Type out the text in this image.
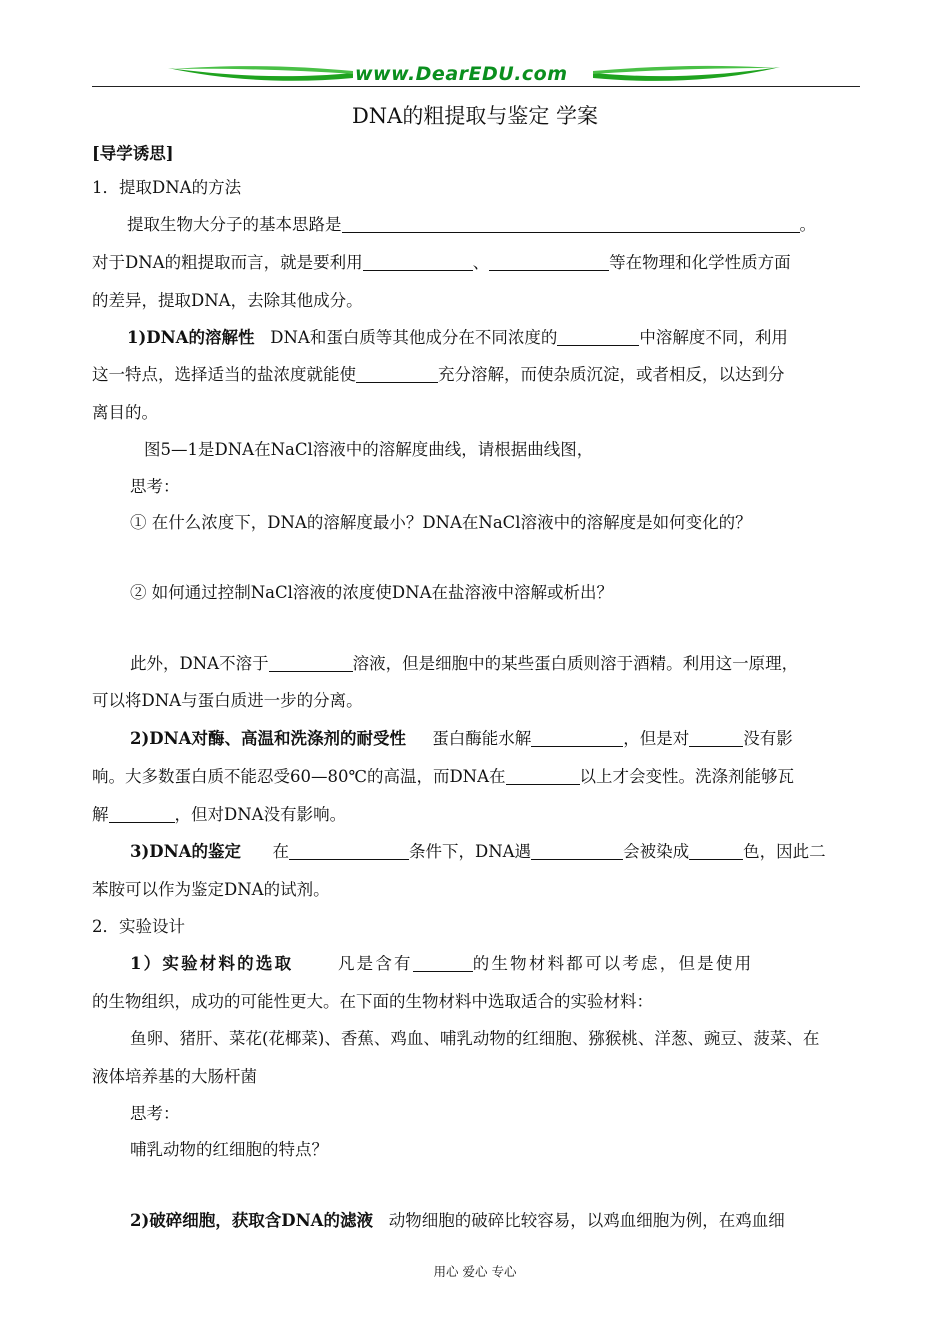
www.DearEDU.com
DNA的粗提取与鉴定 学案
[导学诱思]
1．提取DNA的方法
提取生物大分子的基本思路是	。
对于DNA的粗提取而言，就是要利用	、	等在物理和化学性质方面
的差异，提取DNA，去除其他成分。
1)DNA的溶解性 DNA和蛋白质等其他成分在不同浓度的	中溶解度不同，利用
这一特点，选择适当的盐浓度就能使	充分溶解，而使杂质沉淀，或者相反，以达到分
离目的。
图5—1是DNA在NaCl溶液中的溶解度曲线，请根据曲线图，
思考：
① 在什么浓度下，DNA的溶解度最小？DNA在NaCl溶液中的溶解度是如何变化的？
② 如何通过控制NaCl溶液的浓度使DNA在盐溶液中溶解或析出？
此外，DNA不溶于	溶液，但是细胞中的某些蛋白质则溶于酒精。利用这一原理，
可以将DNA与蛋白质进一步的分离。
2)DNA对酶、高温和洗涤剂的耐受性 蛋白酶能水解	，但是对	没有影
响。大多数蛋白质不能忍受60—80℃的高温，而DNA在	以上才会变性。洗涤剂能够瓦
解	，但对DNA没有影响。
3)DNA的鉴定 在	条件下，DNA遇	会被染成	色，因此二
苯胺可以作为鉴定DNA的试剂。
2．实验设计
1）实验材料的选取	凡是含有	的生物材料都可以考虑，但是使用
的生物组织，成功的可能性更大。在下面的生物材料中选取适合的实验材料：
鱼卵、猪肝、菜花(花椰菜)、香蕉、鸡血、哺乳动物的红细胞、猕猴桃、洋葱、豌豆、菠菜、在
液体培养基的大肠杆菌
思考：
哺乳动物的红细胞的特点？
2)破碎细胞，获取含DNA的滤液 动物细胞的破碎比较容易，以鸡血细胞为例，在鸡血细
用心 爱心 专心
